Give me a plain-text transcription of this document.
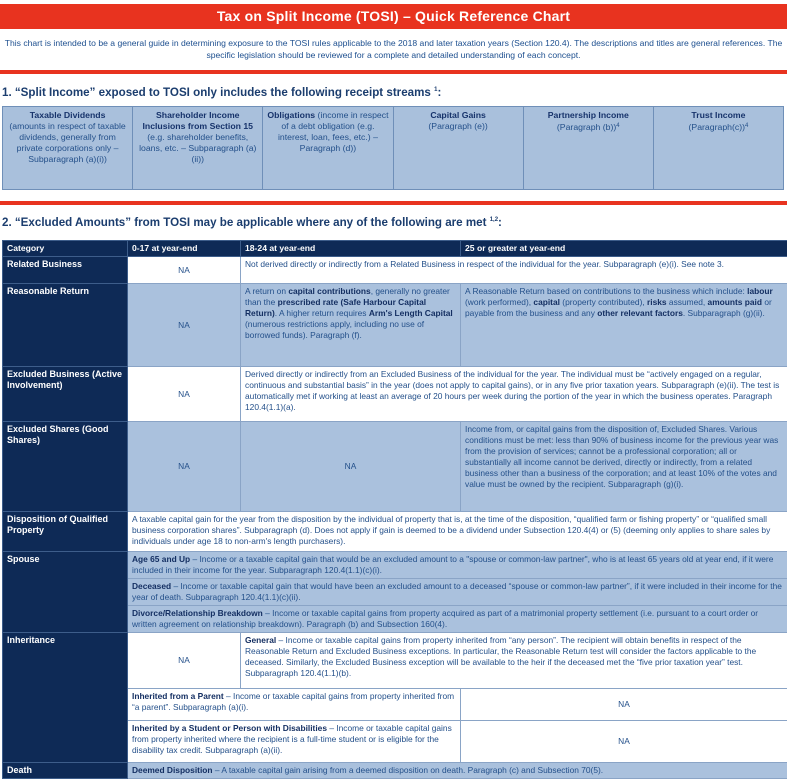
Tax on Split Income (TOSI) – Quick Reference Chart
This chart is intended to be a general guide in determining exposure to the TOSI rules applicable to the 2018 and later taxation years (Section 120.4). The descriptions and titles are general references. The specific legislation should be reviewed for a complete and detailed understanding of each concept.
1. “Split Income” exposed to TOSI only includes the following receipt streams $^1$:
Taxable Dividends
(amounts in respect of taxable dividends, generally from private corporations only – Subparagraph (a)(i))
Shareholder Income Inclusions from Section 15 (e.g. shareholder benefits, loans, etc. – Subparagraph (a)(ii))
Obligations (income in respect of a debt obligation (e.g. interest, loan, fees, etc.) – Paragraph (d))
Capital Gains
(Paragraph (e))
Partnership Income
(Paragraph (b))$^4$
Trust Income
(Paragraph(c))$^4$
2. “Excluded Amounts” from TOSI may be applicable where any of the following are met $^{1,2}$:
Category	0-17 at year-end	18-24 at year-end	25 or greater at year-end
Related Business	NA	Not derived directly or indirectly from a Related Business in respect of the individual for the year. Subparagraph (e)(i). See note 3.	
Reasonable Return	NA	A return on capital contributions, generally no greater than the prescribed rate (Safe Harbour Capital Return). A higher return requires Arm's Length Capital (numerous restrictions apply, including no use of borrowed funds). Paragraph (f).	A Reasonable Return based on contributions to the business which include: labour (work performed), capital (property contributed), risks assumed, amounts paid or payable from the business and any other relevant factors. Subparagraph (g)(ii).
Excluded Business (Active Involvement)	NA	Derived directly or indirectly from an Excluded Business of the individual for the year. The individual must be “actively engaged on a regular, continuous and substantial basis” in the year (does not apply to capital gains), or in any five prior taxation years. Subparagraph (e)(ii). The test is automatically met if working at least an average of 20 hours per week during the portion of the year in which the business operates. Paragraph 120.4(1.1)(a).	
Excluded Shares (Good Shares)	NA	NA	Income from, or capital gains from the disposition of, Excluded Shares. Various conditions must be met: less than 90% of business income for the previous year was from the provision of services; cannot be a professional corporation; all or substantially all income cannot be derived, directly or indirectly, from a related business other than a business of the corporation; and at least 10% of the votes and value must be owned by the recipient. Subparagraph (g)(i).
Disposition of Qualified Property	A taxable capital gain for the year from the disposition by the individual of property that is, at the time of the disposition, “qualified farm or fishing property” or “qualified small business corporation shares”. Subparagraph (d). Does not apply if gain is deemed to be a dividend under Subsection 120.4(4) or (5) (deeming only applies to share sales by individuals under age 18 to non-arm's length purchasers).		
Spouse	Age 65 and Up – Income or a taxable capital gain that would be an excluded amount to a "spouse or common-law partner", who is at least 65 years old at year end, if it were included in their income for the year. Subparagraph 120.4(1.1)(c)(i).		
	Deceased – Income or taxable capital gain that would have been an excluded amount to a deceased “spouse or common-law partner”, if it were included in their income for the year of death. Subparagraph 120.4(1.1)(c)(ii).		
	Divorce/Relationship Breakdown – Income or taxable capital gains from property acquired as part of a matrimonial property settlement (i.e. pursuant to a court order or written agreement on relationship breakdown). Paragraph (b) and Subsection 160(4).		
Inheritance	NA	General – Income or taxable capital gains from property inherited from “any person”. The recipient will obtain benefits in respect of the Reasonable Return and Excluded Business exceptions. In particular, the Reasonable Return test will consider the factors applicable to the deceased. Similarly, the Excluded Business exception will be available to the heir if the deceased met the “five prior taxation year” test. Subparagraph 120.4(1.1)(b).	
	Inherited from a Parent – Income or taxable capital gains from property inherited from “a parent”. Subparagraph (a)(i).		NA
	Inherited by a Student or Person with Disabilities – Income or taxable capital gains from property inherited where the recipient is a full-time student or is eligible for the disability tax credit. Subparagraph (a)(ii).		NA
Death	Deemed Disposition – A taxable capital gain arising from a deemed disposition on death. Paragraph (c) and Subsection 70(5).		
